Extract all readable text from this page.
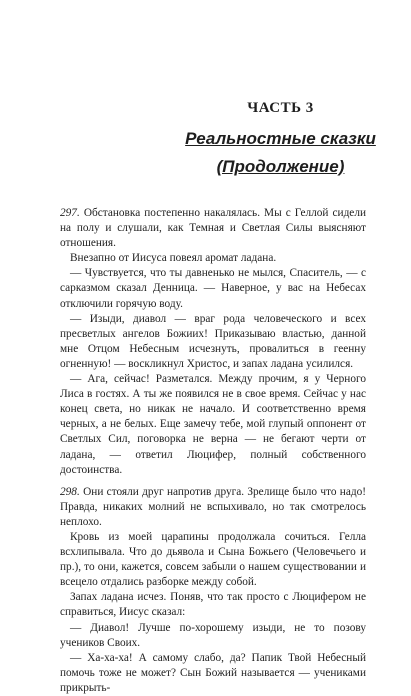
ЧАСТЬ 3
Реальностные сказки
(Продолжение)

297. Обстановка постепенно накалялась. Мы с Геллой сидели на полу и слушали, как Темная и Светлая Силы выясняют отношения.

Внезапно от Иисуса повеял аромат ладана.

— Чувствуется, что ты давненько не мылся, Спаситель, — с сарказмом сказал Денница. — Наверное, у вас на Небесах отключили горячую воду.

— Изыди, диавол — враг рода человеческого и всех пресветлых ангелов Божиих! Приказываю властью, данной мне Отцом Небесным исчезнуть, провалиться в геенну огненную! — воскликнул Христос, и запах ладана усилился.

— Ага, сейчас! Разметался. Между прочим, я у Черного Лиса в гостях. А ты же появился не в свое время. Сейчас у нас конец света, но никак не начало. И соответственно время черных, а не белых. Еще замечу тебе, мой глупый оппонент от Светлых Сил, поговорка не верна — не бегают черти от ладана, — ответил Люцифер, полный собственного достоинства.

298. Они стояли друг напротив друга. Зрелище было что надо! Правда, никаких молний не вспыхивало, но так смотрелось неплохо.

Кровь из моей царапины продолжала сочиться. Гелла всхлипывала. Что до дьявола и Сына Божьего (Человечьего и пр.), то они, кажется, совсем забыли о нашем существовании и всецело отдались разборке между собой.

Запах ладана исчез. Поняв, что так просто с Люцифером не справиться, Иисус сказал:

— Диавол! Лучше по-хорошему изыди, не то позову учеников Своих.

— Ха-ха-ха! А самому слабо, да? Папик Твой Небесный помочь тоже не может? Сын Божий называется — учениками прикрыть-
